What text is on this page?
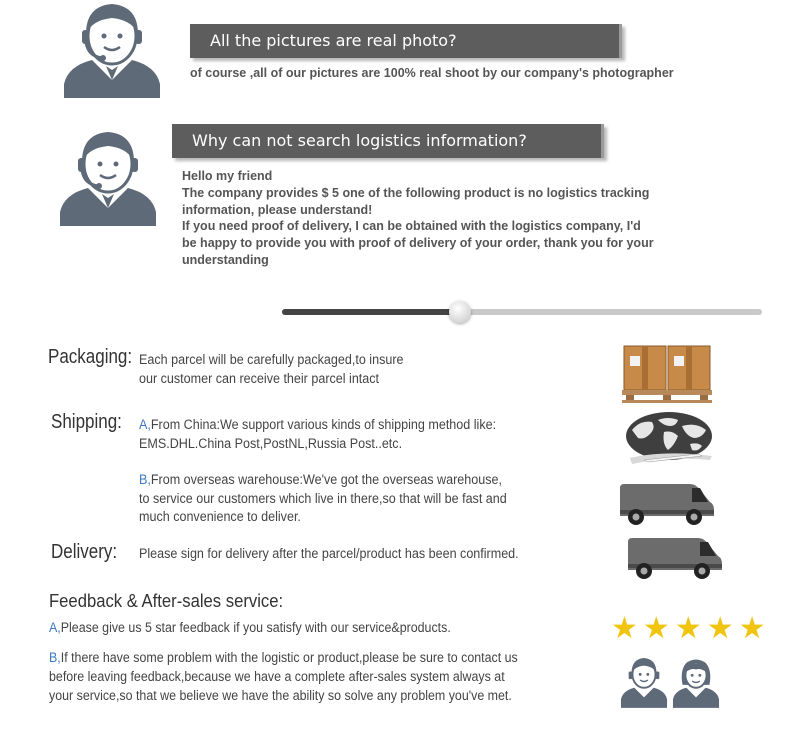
All the pictures are real photo?
of course ,all of our pictures are 100% real shoot by our company's photographer
Why can not search logistics information?
Hello my friend
The company provides $ 5 one of the following product is no logistics tracking
information, please understand!
If you need proof of delivery, I can be obtained with the logistics company, I'd
be happy to provide you with proof of delivery of your order, thank you for your
understanding
Packaging: Each parcel will be carefully packaged,to insure
our customer can receive their parcel intact
Shipping: A,From China:We support various kinds of shipping method like:
EMS.DHL.China Post,PostNL,Russia Post..etc.
B,From overseas warehouse:We've got the overseas warehouse,
to service our customers which live in there,so that will be fast and
much convenience to deliver.
Delivery: Please sign for delivery after the parcel/product has been confirmed.
Feedback & After-sales service:
A,Please give us 5 star feedback if you satisfy with our service&products.
B,If there have some problem with the logistic or product,please be sure to contact us
before leaving feedback,because we have a complete after-sales system always at
your service,so that we believe we have the ability so solve any problem you've met.
★ ★ ★ ★ ★
